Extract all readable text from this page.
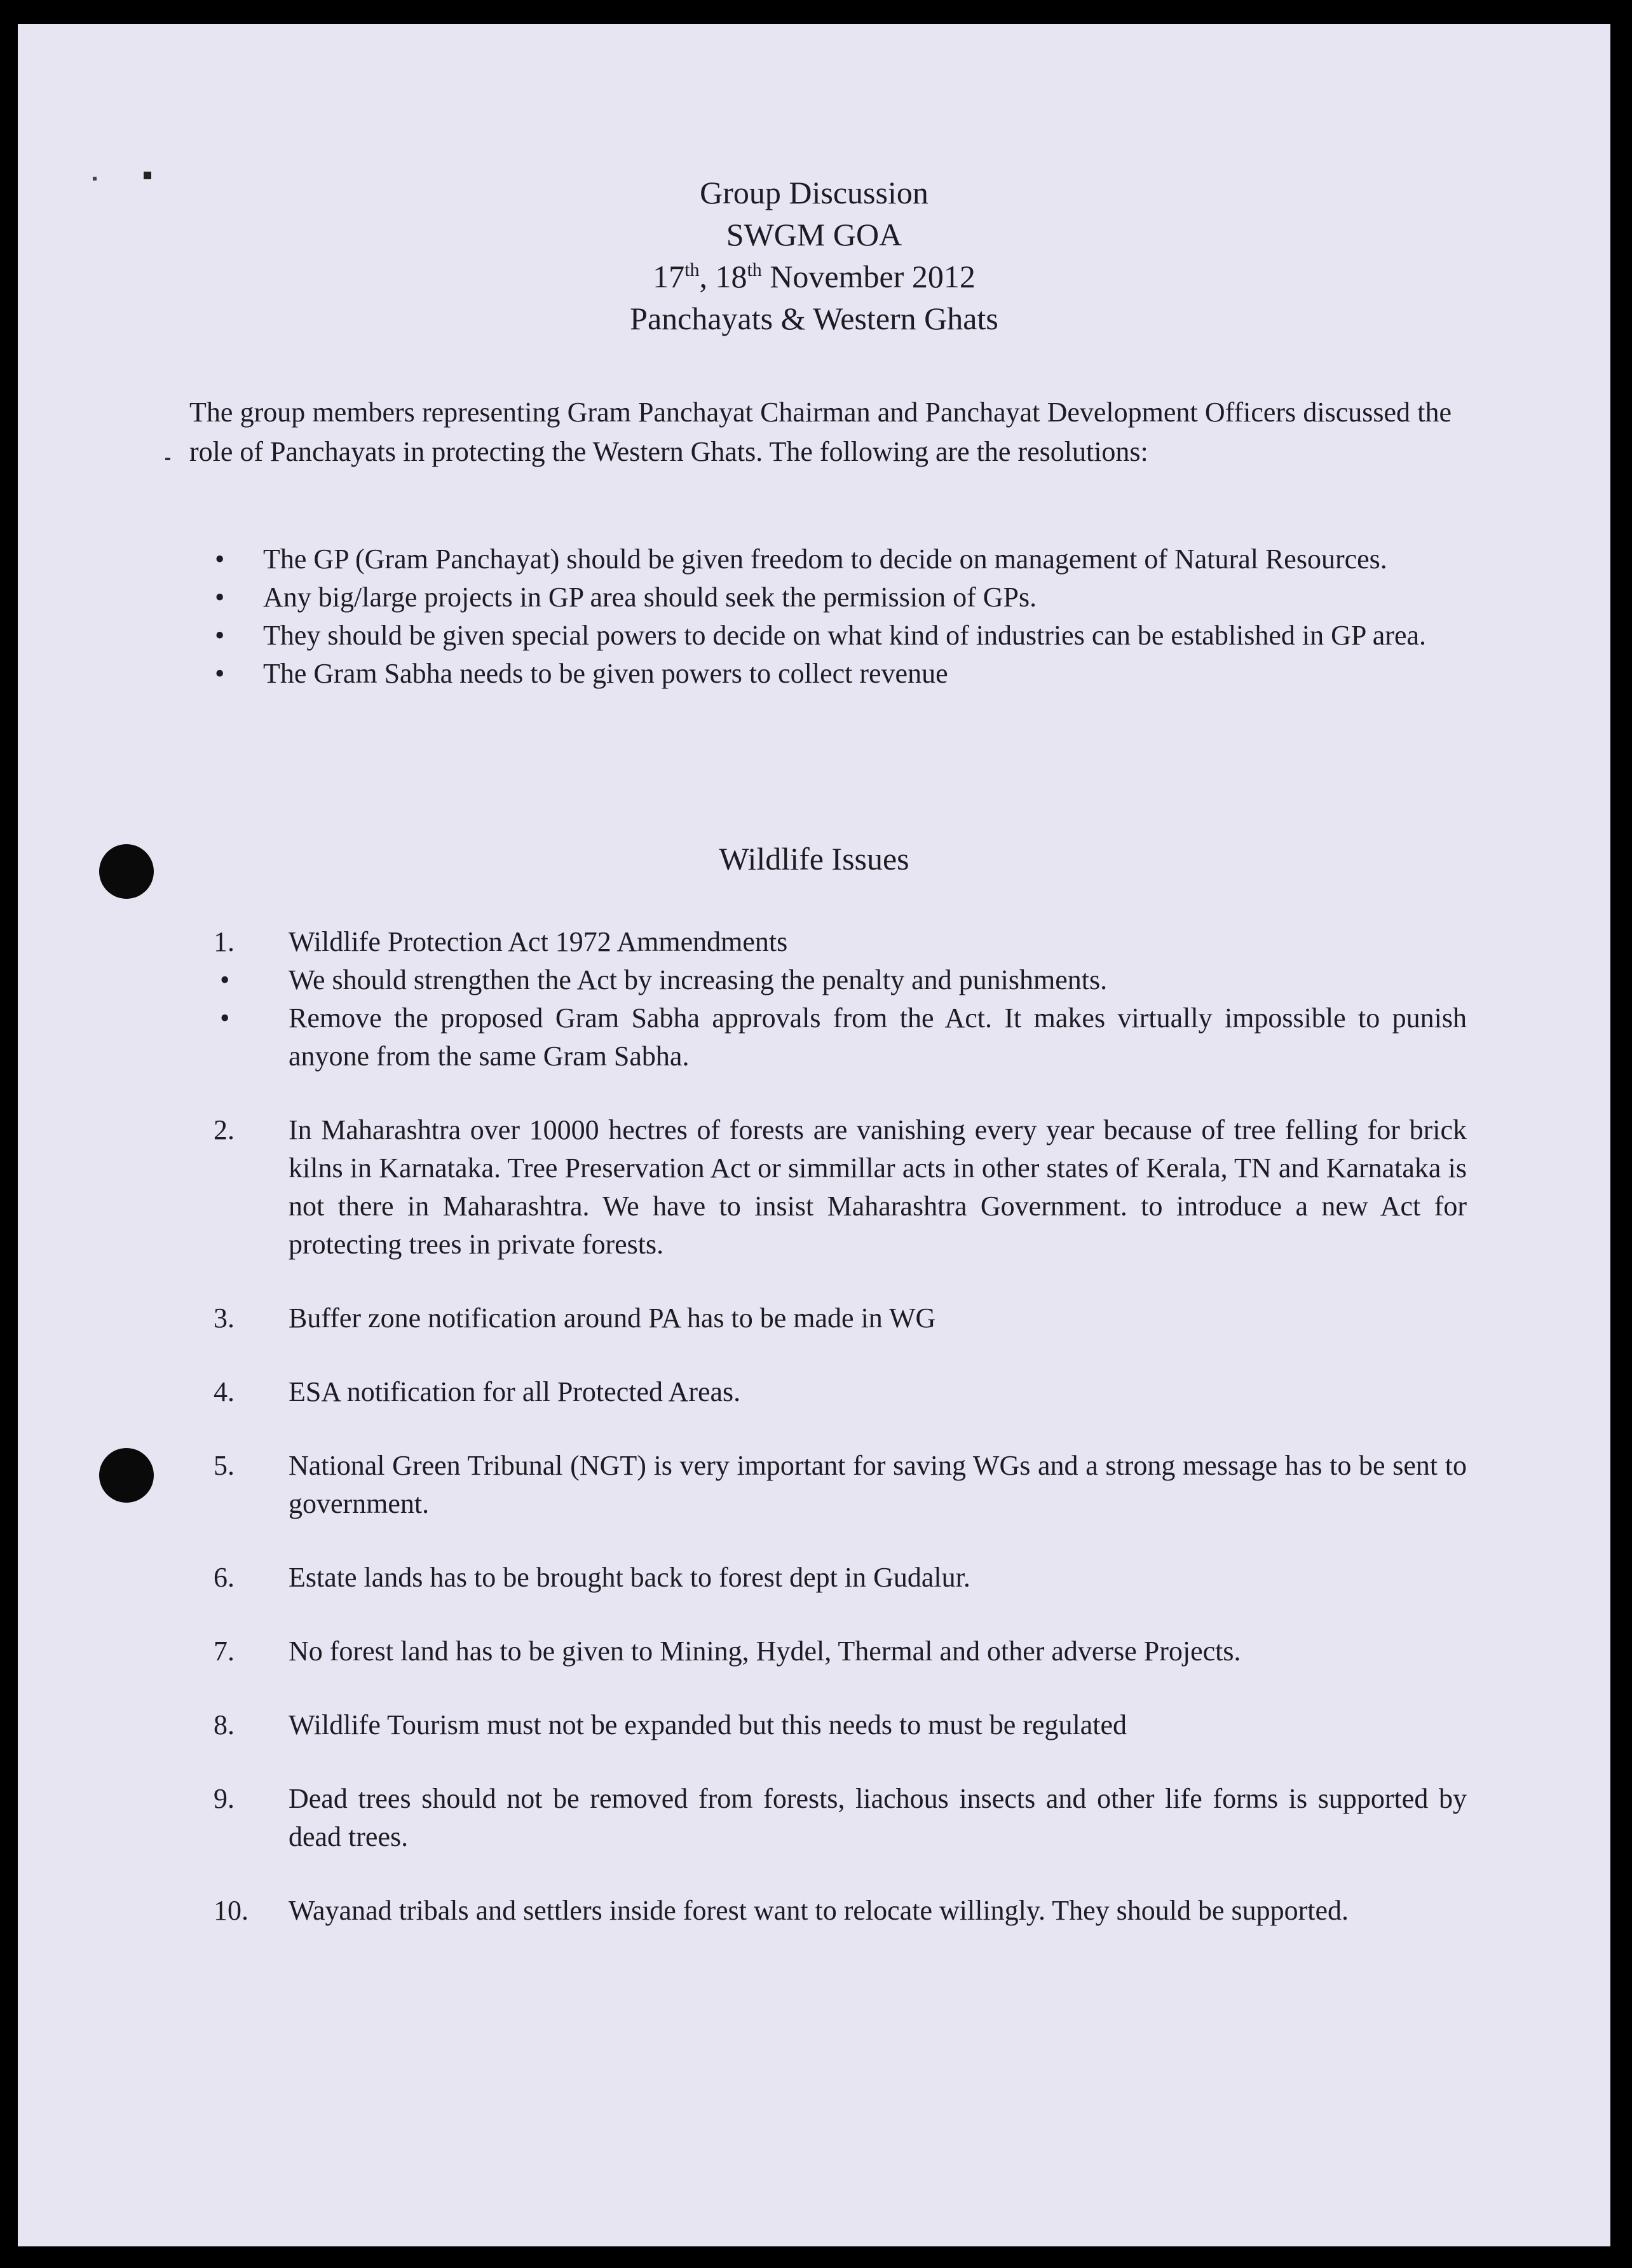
Group Discussion
SWGM GOA
17th, 18th November 2012
Panchayats & Western Ghats
The group members representing Gram Panchayat Chairman and Panchayat Development Officers discussed the role of Panchayats in protecting the Western Ghats. The following are the resolutions:
• The GP (Gram Panchayat) should be given freedom to decide on management of Natural Resources.
• Any big/large projects in GP area should seek the permission of GPs.
• They should be given special powers to decide on what kind of industries can be established in GP area.
• The Gram Sabha needs to be given powers to collect revenue
Wildlife Issues
1. Wildlife Protection Act 1972 Ammendments
• We should strengthen the Act by increasing the penalty and punishments.
• Remove the proposed Gram Sabha approvals from the Act. It makes virtually impossible to punish anyone from the same Gram Sabha.
2. In Maharashtra over 10000 hectres of forests are vanishing every year because of tree felling for brick kilns in Karnataka. Tree Preservation Act or simmillar acts in other states of Kerala, TN and Karnataka is not there in Maharashtra. We have to insist Maharashtra Government. to introduce a new Act for protecting trees in private forests.
3. Buffer zone notification around PA has to be made in WG
4. ESA notification for all Protected Areas.
5. National Green Tribunal (NGT) is very important for saving WGs and a strong message has to be sent to government.
6. Estate lands has to be brought back to forest dept in Gudalur.
7. No forest land has to be given to Mining, Hydel, Thermal and other adverse Projects.
8. Wildlife Tourism must not be expanded but this needs to must be regulated
9. Dead trees should not be removed from forests, liachous insects and other life forms is supported by dead trees.
10. Wayanad tribals and settlers inside forest want to relocate willingly. They should be supported.
